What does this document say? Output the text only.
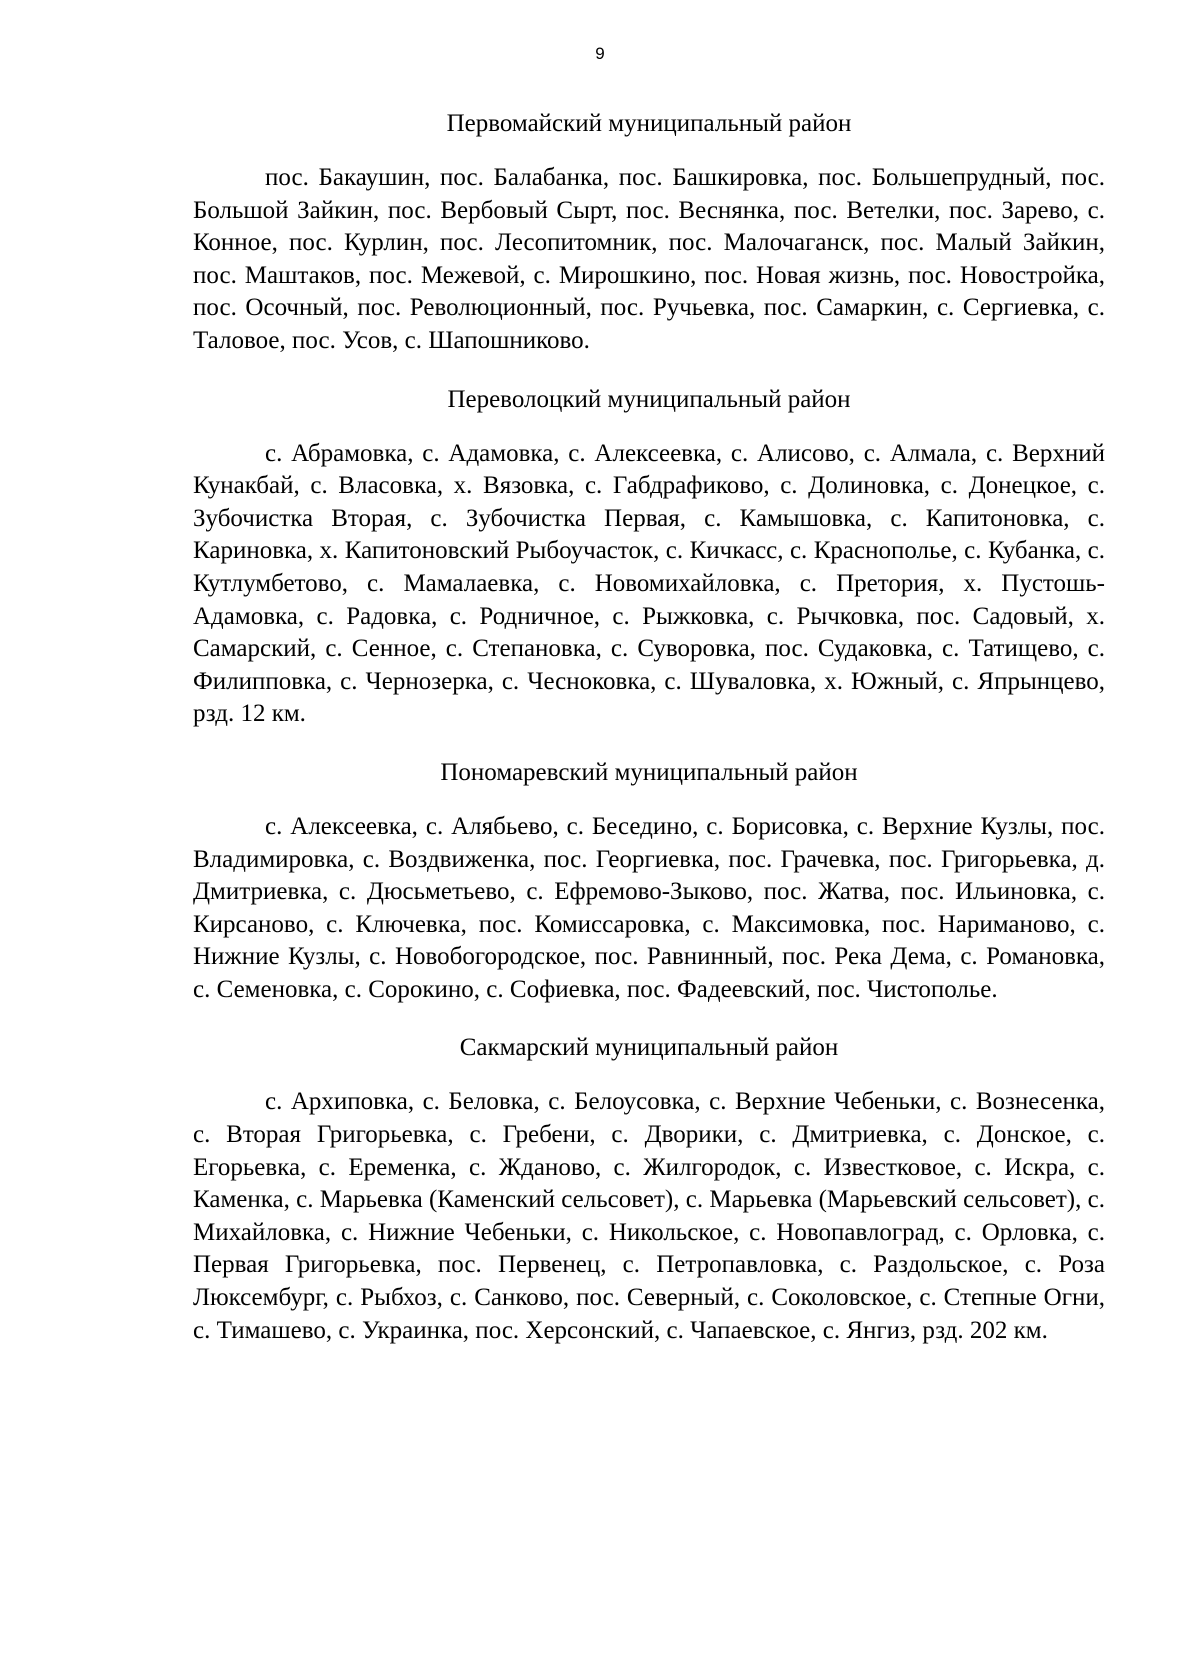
9
Первомайский муниципальный район

пос. Бакаушин, пос. Балабанка, пос. Башкировка, пос. Большепрудный, пос. Большой Зайкин, пос. Вербовый Сырт, пос. Веснянка, пос. Ветелки, пос. Зарево, с. Конное, пос. Курлин, пос. Лесопитомник, пос. Малочаганск, пос. Малый Зайкин, пос. Маштаков, пос. Межевой, с. Мирошкино, пос. Новая жизнь, пос. Новостройка, пос. Осочный, пос. Революционный, пос. Ручьевка, пос. Самаркин, с. Сергиевка, с. Таловое, пос. Усов, с. Шапошниково.

Переволоцкий муниципальный район

с. Абрамовка, с. Адамовка, с. Алексеевка, с. Алисово, с. Алмала, с. Верхний Кунакбай, с. Власовка, х. Вязовка, с. Габдрафиково, с. Долиновка, с. Донецкое, с. Зубочистка Вторая, с. Зубочистка Первая, с. Камышовка, с. Капитоновка, с. Кариновка, х. Капитоновский Рыбоучасток, с. Кичкасс, с. Краснополье, с. Кубанка, с. Кутлумбетово, с. Мамалаевка, с. Новомихайловка, с. Претория, х. Пустошь-Адамовка, с. Радовка, с. Родничное, с. Рыжковка, с. Рычковка, пос. Садовый, х. Самарский, с. Сенное, с. Степановка, с. Суворовка, пос. Судаковка, с. Татищево, с. Филипповка, с. Чернозерка, с. Чесноковка, с. Шуваловка, х. Южный, с. Япрынцево, рзд. 12 км.

Пономаревский муниципальный район

с. Алексеевка, с. Алябьево, с. Беседино, с. Борисовка, с. Верхние Кузлы, пос. Владимировка, с. Воздвиженка, пос. Георгиевка, пос. Грачевка, пос. Григорьевка, д. Дмитриевка, с. Дюсьметьево, с. Ефремово-Зыково, пос. Жатва, пос. Ильиновка, с. Кирсаново, с. Ключевка, пос. Комиссаровка, с. Максимовка, пос. Нариманово, с. Нижние Кузлы, с. Новобогородское, пос. Равнинный, пос. Река Дема, с. Романовка, с. Семеновка, с. Сорокино, с. Софиевка, пос. Фадеевский, пос. Чистополье.

Сакмарский муниципальный район

с. Архиповка, с. Беловка, с. Белоусовка, с. Верхние Чебеньки, с. Вознесенка, с. Вторая Григорьевка, с. Гребени, с. Дворики, с. Дмитриевка, с. Донское, с. Егорьевка, с. Еременка, с. Жданово, с. Жилгородок, с. Известковое, с. Искра, с. Каменка, с. Марьевка (Каменский сельсовет), с. Марьевка (Марьевский сельсовет), с. Михайловка, с. Нижние Чебеньки, с. Никольское, с. Новопавлоград, с. Орловка, с. Первая Григорьевка, пос. Первенец, с. Петропавловка, с. Раздольское, с. Роза Люксембург, с. Рыбхоз, с. Санково, пос. Северный, с. Соколовское, с. Степные Огни, с. Тимашево, с. Украинка, пос. Херсонский, с. Чапаевское, с. Янгиз, рзд. 202 км.
